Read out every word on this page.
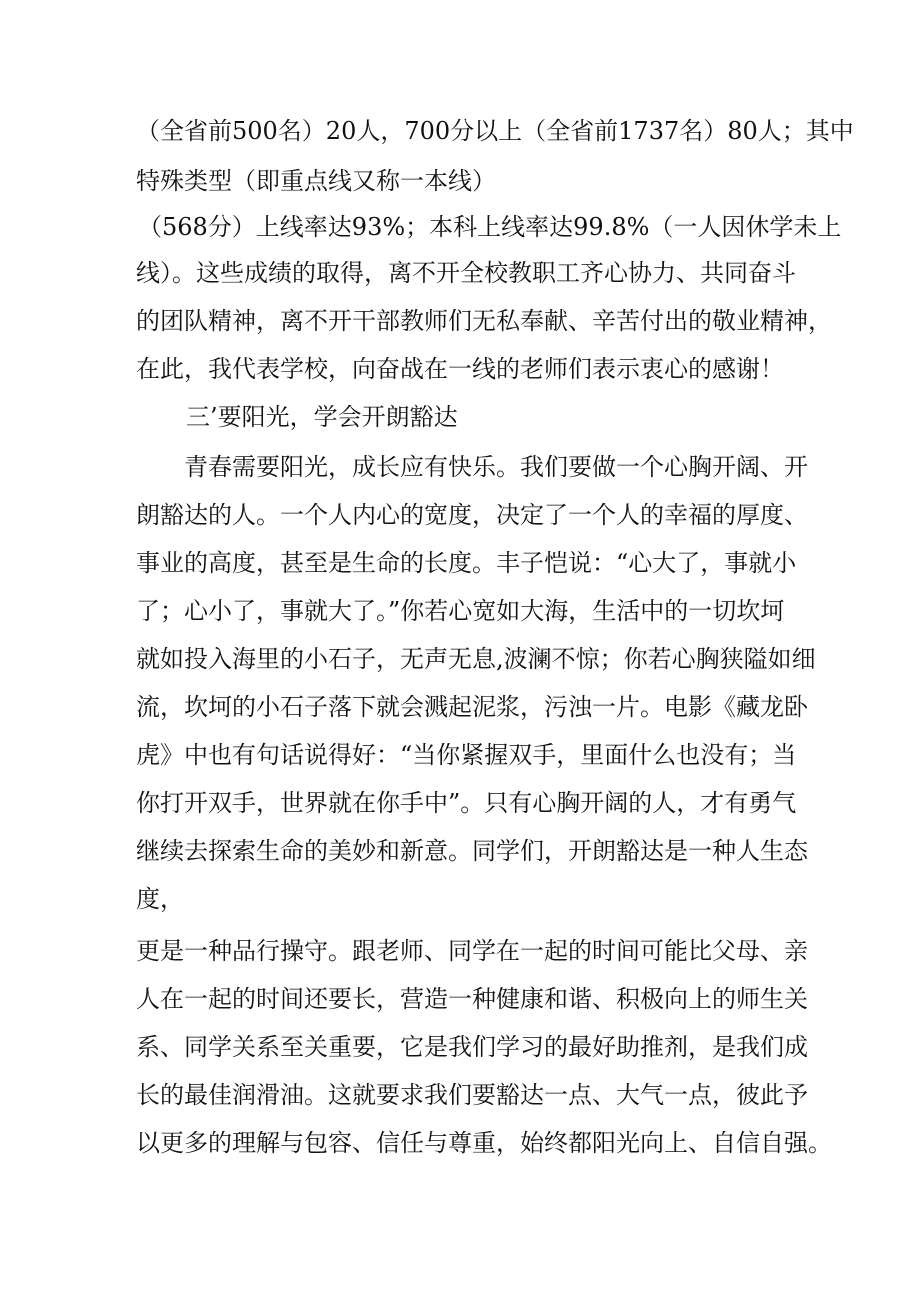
（全省前500名）20人，700分以上（全省前1737名）80人；其中
特殊类型（即重点线又称一本线）
（568分）上线率达93%；本科上线率达99.8%（一人因休学未上
线）。这些成绩的取得，离不开全校教职工齐心协力、共同奋斗
的团队精神，离不开干部教师们无私奉献、辛苦付出的敬业精神，
在此，我代表学校，向奋战在一线的老师们表示衷心的感谢！
三’要阳光，学会开朗豁达
青春需要阳光，成长应有快乐。我们要做一个心胸开阔、开
朗豁达的人。一个人内心的宽度，决定了一个人的幸福的厚度、
事业的高度，甚至是生命的长度。丰子恺说：“心大了，事就小
了；心小了，事就大了。”你若心宽如大海，生活中的一切坎坷
就如投入海里的小石子，无声无息,波澜不惊；你若心胸狭隘如细
流，坎坷的小石子落下就会溅起泥浆，污浊一片。电影《藏龙卧
虎》中也有句话说得好：“当你紧握双手，里面什么也没有；当
你打开双手，世界就在你手中”。只有心胸开阔的人，才有勇气
继续去探索生命的美妙和新意。同学们，开朗豁达是一种人生态
度，
更是一种品行操守。跟老师、同学在一起的时间可能比父母、亲
人在一起的时间还要长，营造一种健康和谐、积极向上的师生关
系、同学关系至关重要，它是我们学习的最好助推剂，是我们成
长的最佳润滑油。这就要求我们要豁达一点、大气一点，彼此予
以更多的理解与包容、信任与尊重，始终都阳光向上、自信自强。
